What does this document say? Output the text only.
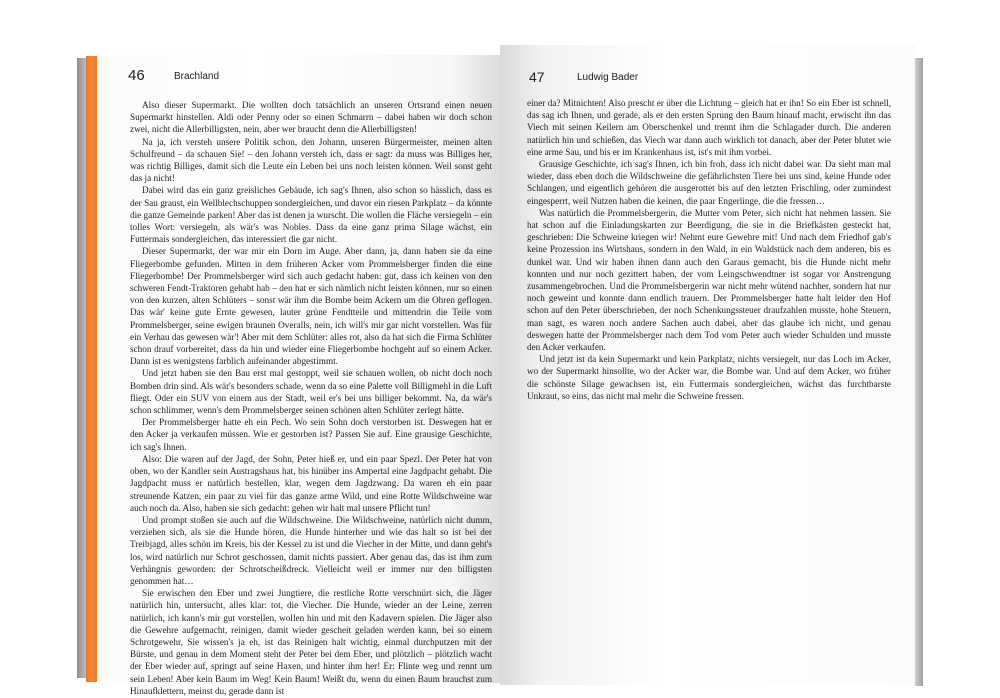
46	Brachland

Also dieser Supermarkt. Die wollten doch tatsächlich an unseren Ortsrand einen neuen Supermarkt hinstellen. Aldi oder Penny oder so einen Schmarrn – dabei haben wir doch schon zwei, nicht die Allerbilligsten, nein, aber wer braucht denn die Allerbilligsten!

Na ja, ich versteh unsere Politik schon, den Johann, unseren Bürgermeister, meinen alten Schulfreund – da schauen Sie! – den Johann versteh ich, dass er sagt: da muss was Billiges her, was richtig Billiges, damit sich die Leute ein Leben bei uns noch leisten können. Weil sonst geht das ja nicht!

Dabei wird das ein ganz greisliches Gebäude, ich sag's Ihnen, also schon so hässlich, dass es der Sau graust, ein Wellblechschuppen sondergleichen, und davor ein riesen Parkplatz – da könnte die ganze Gemeinde parken! Aber das ist denen ja wurscht. Die wollen die Fläche versiegeln – ein tolles Wort: versiegeln, als wär's was Nobles. Dass da eine ganz prima Silage wächst, ein Futtermais sondergleichen, das interessiert die gar nicht.

Dieser Supermarkt, der war mir ein Dorn im Auge. Aber dann, ja, dann haben sie da eine Fliegerbombe gefunden. Mitten in dem früheren Acker vom Prommelsberger finden die eine Fliegerbombe! Der Prommelsberger wird sich auch gedacht haben: gut, dass ich keinen von den schweren Fendt-Traktoren gehabt hab – den hat er sich nämlich nicht leisten können, nur so einen von den kurzen, alten Schlüters – sonst wär ihm die Bombe beim Ackern um die Ohren geflogen. Das wär' keine gute Ernte gewesen, lauter grüne Fendtteile und mittendrin die Teile vom Prommelsberger, seine ewigen braunen Overalls, nein, ich will's mir gar nicht vorstellen. Was für ein Verhau das gewesen wär'! Aber mit dem Schlüter: alles rot, also da hat sich die Firma Schlüter schon drauf vorbereitet, dass da hin und wieder eine Fliegerbombe hochgeht auf so einem Acker. Dann ist es wenigstens farblich aufeinander abgestimmt.

Und jetzt haben sie den Bau erst mal gestoppt, weil sie schauen wollen, ob nicht doch noch Bomben drin sind. Als wär's besonders schade, wenn da so eine Palette voll Billigmehl in die Luft fliegt. Oder ein SUV von einem aus der Stadt, weil er's bei uns billiger bekommt. Na, da wär's schon schlimmer, wenn's dem Prommelsberger seinen schönen alten Schlüter zerlegt hätte.

Der Prommelsberger hatte eh ein Pech. Wo sein Sohn doch verstorben ist. Deswegen hat er den Acker ja verkaufen müssen. Wie er gestorben ist? Passen Sie auf. Eine grausige Geschichte, ich sag's Ihnen.

Also: Die waren auf der Jagd, der Sohn, Peter hieß er, und ein paar Spezl. Der Peter hat von oben, wo der Kandler sein Austragshaus hat, bis hinüber ins Ampertal eine Jagdpacht gehabt. Die Jagdpacht muss er natürlich bestellen, klar, wegen dem Jagdzwang. Da waren eh ein paar streunende Katzen, ein paar zu viel für das ganze arme Wild, und eine Rotte Wildschweine war auch noch da. Also, haben sie sich gedacht: gehen wir halt mal unsere Pflicht tun!

Und prompt stoßen sie auch auf die Wildschweine. Die Wildschweine, natürlich nicht dumm, verziehen sich, als sie die Hunde hören, die Hunde hinterher und wie das halt so ist bei der Treibjagd, alles schön im Kreis, bis der Kessel zu ist und die Viecher in der Mitte, und dann geht's los, wird natürlich nur Schrot geschossen, damit nichts passiert. Aber genau das, das ist ihm zum Verhängnis geworden: der Schrotscheißdreck. Vielleicht weil er immer nur den billigsten genommen hat…

Sie erwischen den Eber und zwei Jungtiere, die restliche Rotte verschnürt sich, die Jäger natürlich hin, untersucht, alles klar: tot, die Viecher. Die Hunde, wieder an der Leine, zerren natürlich, ich kann's mir gut vorstellen, wollen hin und mit den Kadavern spielen. Die Jäger also die Gewehre aufgemacht, reinigen, damit wieder gescheit geladen werden kann, bei so einem Schrotgewehr, Sie wissen's ja eh, ist das Reinigen halt wichtig, einmal durchputzen mit der Bürste, und genau in dem Moment steht der Peter bei dem Eber, und plötzlich – plötzlich wacht der Eber wieder auf, springt auf seine Haxen, und hinter ihm her! Er: Flinte weg und rennt um sein Leben! Aber kein Baum im Weg! Kein Baum! Weißt du, wenn du einen Baum brauchst zum Hinaufklettern, meinst du, gerade dann ist

47	Ludwig Bader

einer da? Mitnichten! Also prescht er über die Lichtung – gleich hat er ihn! So ein Eber ist schnell, das sag ich Ihnen, und gerade, als er den ersten Sprung den Baum hinauf macht, erwischt ihn das Viech mit seinen Keilern am Oberschenkel und trennt ihm die Schlagader durch. Die anderen natürlich hin und schießen, das Viech war dann auch wirklich tot danach, aber der Peter blutet wie eine arme Sau, und bis er im Krankenhaus ist, ist's mit ihm vorbei.

Grausige Geschichte, ich sag's Ihnen, ich bin froh, dass ich nicht dabei war. Da sieht man mal wieder, dass eben doch die Wildschweine die gefährlichsten Tiere bei uns sind, keine Hunde oder Schlangen, und eigentlich gehören die ausgerottet bis auf den letzten Frischling, oder zumindest eingesperrt, weil Nutzen haben die keinen, die paar Engerlinge, die die fressen…

Was natürlich die Prommelsbergerin, die Mutter vom Peter, sich nicht hat nehmen lassen. Sie hat schon auf die Einladungskarten zur Beerdigung, die sie in die Briefkästen gesteckt hat, geschrieben: Die Schweine kriegen wir! Nehmt eure Gewehre mit! Und nach dem Friedhof gab's keine Prozession ins Wirtshaus, sondern in den Wald, in ein Waldstück nach dem anderen, bis es dunkel war. Und wir haben ihnen dann auch den Garaus gemacht, bis die Hunde nicht mehr konnten und nur noch gezittert haben, der vom Leingschwendtner ist sogar vor Anstrengung zusammengebrochen. Und die Prommelsbergerin war nicht mehr wütend nachher, sondern hat nur noch geweint und konnte dann endlich trauern. Der Prommelsberger hatte halt leider den Hof schon auf den Peter überschrieben, der noch Schenkungssteuer draufzahlen musste, hohe Steuern, man sagt, es waren noch andere Sachen auch dabei, aber das glaube ich nicht, und genau deswegen hatte der Prommelsberger nach dem Tod vom Peter auch wieder Schulden und musste den Acker verkaufen.

Und jetzt ist da kein Supermarkt und kein Parkplatz, nichts versiegelt, nur das Loch im Acker, wo der Supermarkt hinsollte, wo der Acker war, die Bombe war. Und auf dem Acker, wo früher die schönste Silage gewachsen ist, ein Futtermais sondergleichen, wächst das furchtbarste Unkraut, so eins, das nicht mal mehr die Schweine fressen.
